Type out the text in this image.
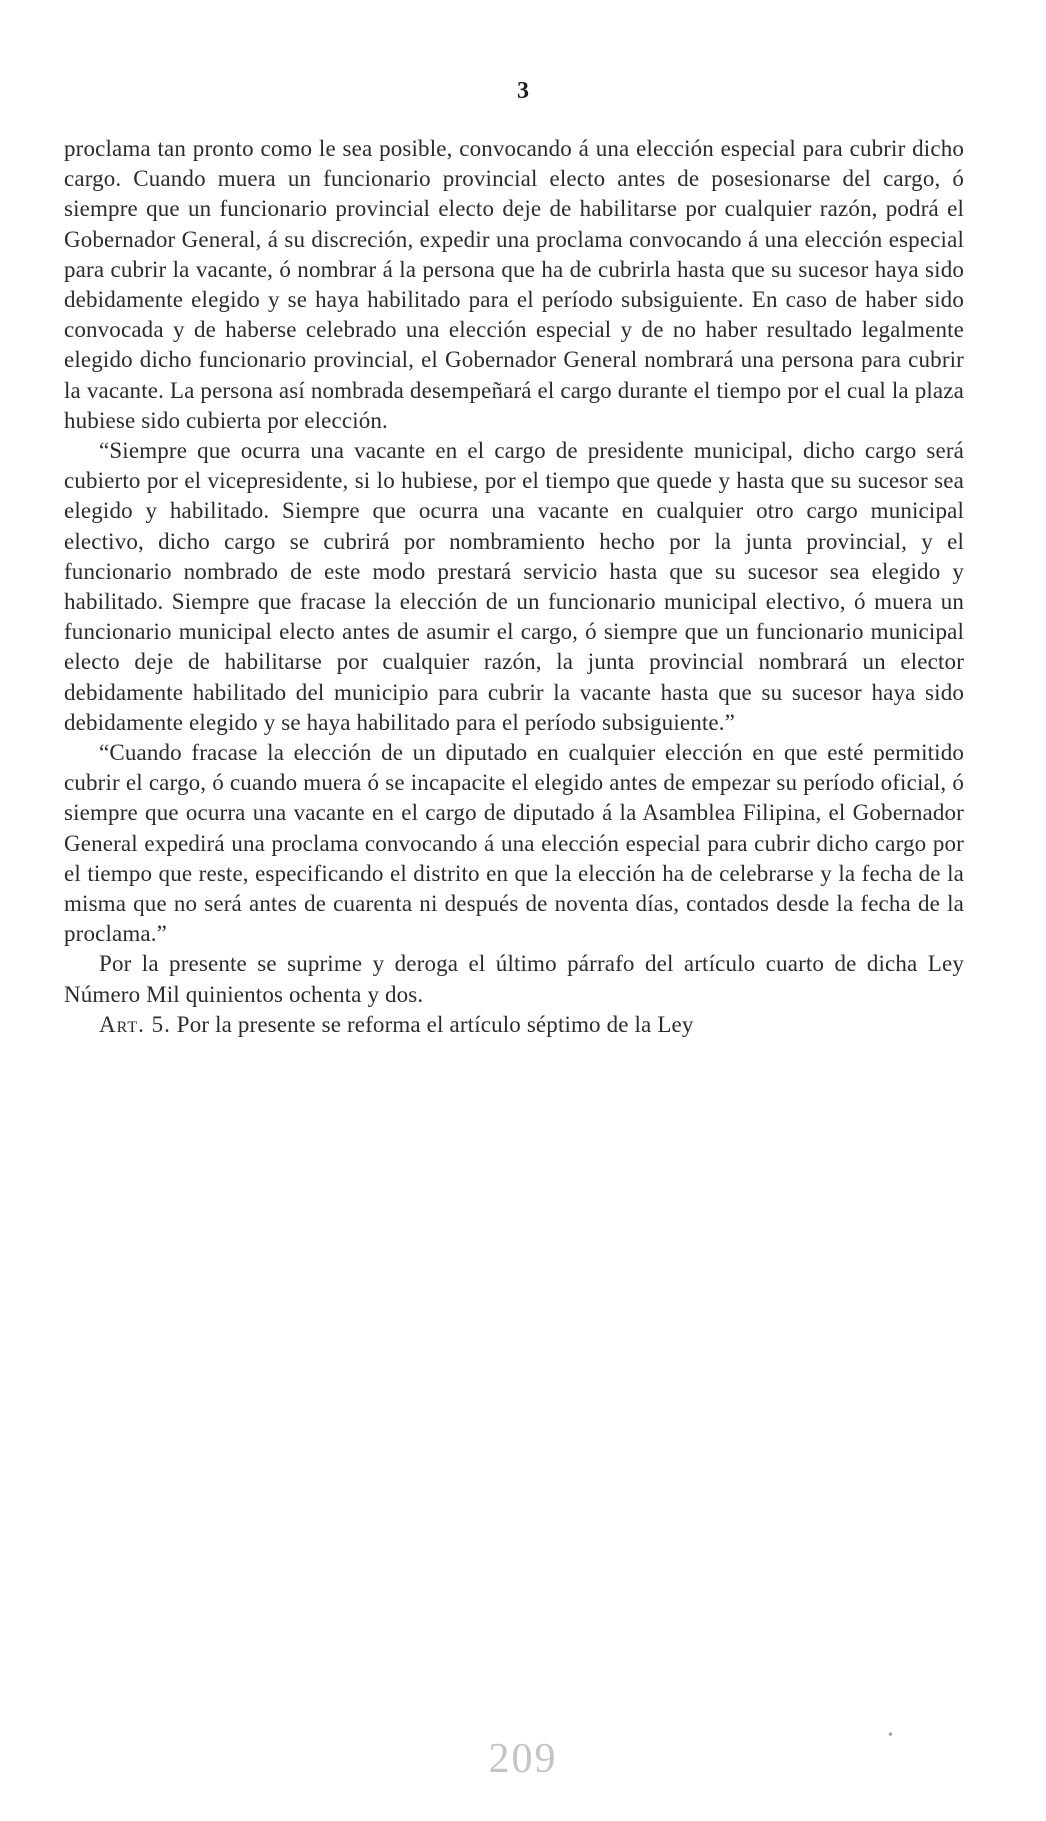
3

proclama tan pronto como le sea posible, convocando á una elección especial para cubrir dicho cargo. Cuando muera un funcionario provincial electo antes de posesionarse del cargo, ó siempre que un funcionario provincial electo deje de habilitarse por cualquier razón, podrá el Gobernador General, á su discreción, expedir una proclama convocando á una elección especial para cubrir la vacante, ó nombrar á la persona que ha de cubrirla hasta que su sucesor haya sido debidamente elegido y se haya habilitado para el período subsiguiente. En caso de haber sido convocada y de haberse celebrado una elección especial y de no haber resultado legalmente elegido dicho funcionario provincial, el Gobernador General nombrará una persona para cubrir la vacante. La persona así nombrada desempeñará el cargo durante el tiempo por el cual la plaza hubiese sido cubierta por elección.

“Siempre que ocurra una vacante en el cargo de presidente municipal, dicho cargo será cubierto por el vicepresidente, si lo hubiese, por el tiempo que quede y hasta que su sucesor sea elegido y habilitado. Siempre que ocurra una vacante en cualquier otro cargo municipal electivo, dicho cargo se cubrirá por nombramiento hecho por la junta provincial, y el funcionario nombrado de este modo prestará servicio hasta que su sucesor sea elegido y habilitado. Siempre que fracase la elección de un funcionario municipal electivo, ó muera un funcionario municipal electo antes de asumir el cargo, ó siempre que un funcionario municipal electo deje de habilitarse por cualquier razón, la junta provincial nombrará un elector debidamente habilitado del municipio para cubrir la vacante hasta que su sucesor haya sido debidamente elegido y se haya habilitado para el período subsiguiente.”

“Cuando fracase la elección de un diputado en cualquier elección en que esté permitido cubrir el cargo, ó cuando muera ó se incapacite el elegido antes de empezar su período oficial, ó siempre que ocurra una vacante en el cargo de diputado á la Asamblea Filipina, el Gobernador General expedirá una proclama convocando á una elección especial para cubrir dicho cargo por el tiempo que reste, especificando el distrito en que la elección ha de celebrarse y la fecha de la misma que no será antes de cuarenta ni después de noventa días, contados desde la fecha de la proclama.”

Por la presente se suprime y deroga el último párrafo del artículo cuarto de dicha Ley Número Mil quinientos ochenta y dos.

Art. 5. Por la presente se reforma el artículo séptimo de la Ley

209
•
